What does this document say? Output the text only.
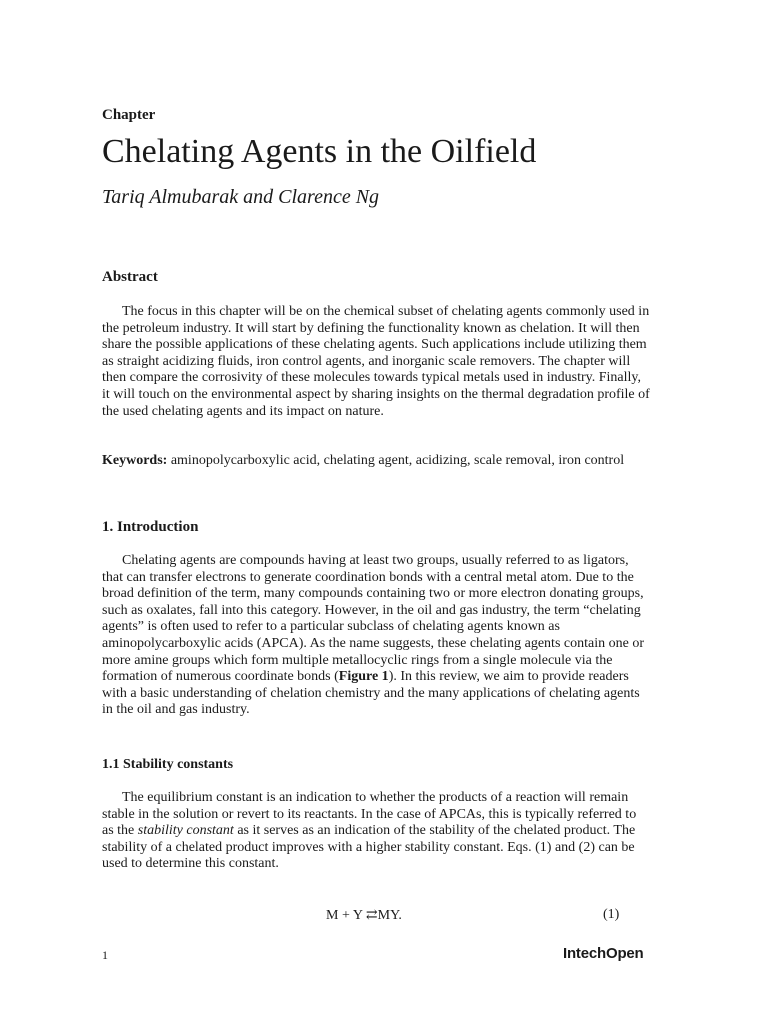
Chapter
Chelating Agents in the Oilfield
Tariq Almubarak and Clarence Ng
Abstract

The focus in this chapter will be on the chemical subset of chelating agents commonly used in the petroleum industry. It will start by defining the functionality known as chelation. It will then share the possible applications of these chelating agents. Such applications include utilizing them as straight acidizing fluids, iron control agents, and inorganic scale removers. The chapter will then compare the corrosivity of these molecules towards typical metals used in industry. Finally, it will touch on the environmental aspect by sharing insights on the thermal degradation profile of the used chelating agents and its impact on nature.

Keywords: aminopolycarboxylic acid, chelating agent, acidizing, scale removal, iron control

1. Introduction

Chelating agents are compounds having at least two groups, usually referred to as ligators, that can transfer electrons to generate coordination bonds with a central metal atom. Due to the broad definition of the term, many compounds containing two or more electron donating groups, such as oxalates, fall into this category. However, in the oil and gas industry, the term “chelating agents” is often used to refer to a particular subclass of chelating agents known as aminopolycarboxylic acids (APCA). As the name suggests, these chelating agents contain one or more amine groups which form multiple metallocyclic rings from a single molecule via the formation of numerous coordinate bonds (Figure 1). In this review, we aim to provide readers with a basic understanding of chelation chemistry and the many applications of chelating agents in the oil and gas industry.

1.1 Stability constants

The equilibrium constant is an indication to whether the products of a reaction will remain stable in the solution or revert to its reactants. In the case of APCAs, this is typically referred to as the stability constant as it serves as an indication of the stability of the chelated product. The stability of a chelated product improves with a higher stability constant. Eqs. (1) and (2) can be used to determine this constant.

M + Y ⇄MY.	(1)
1	IntechOpen
